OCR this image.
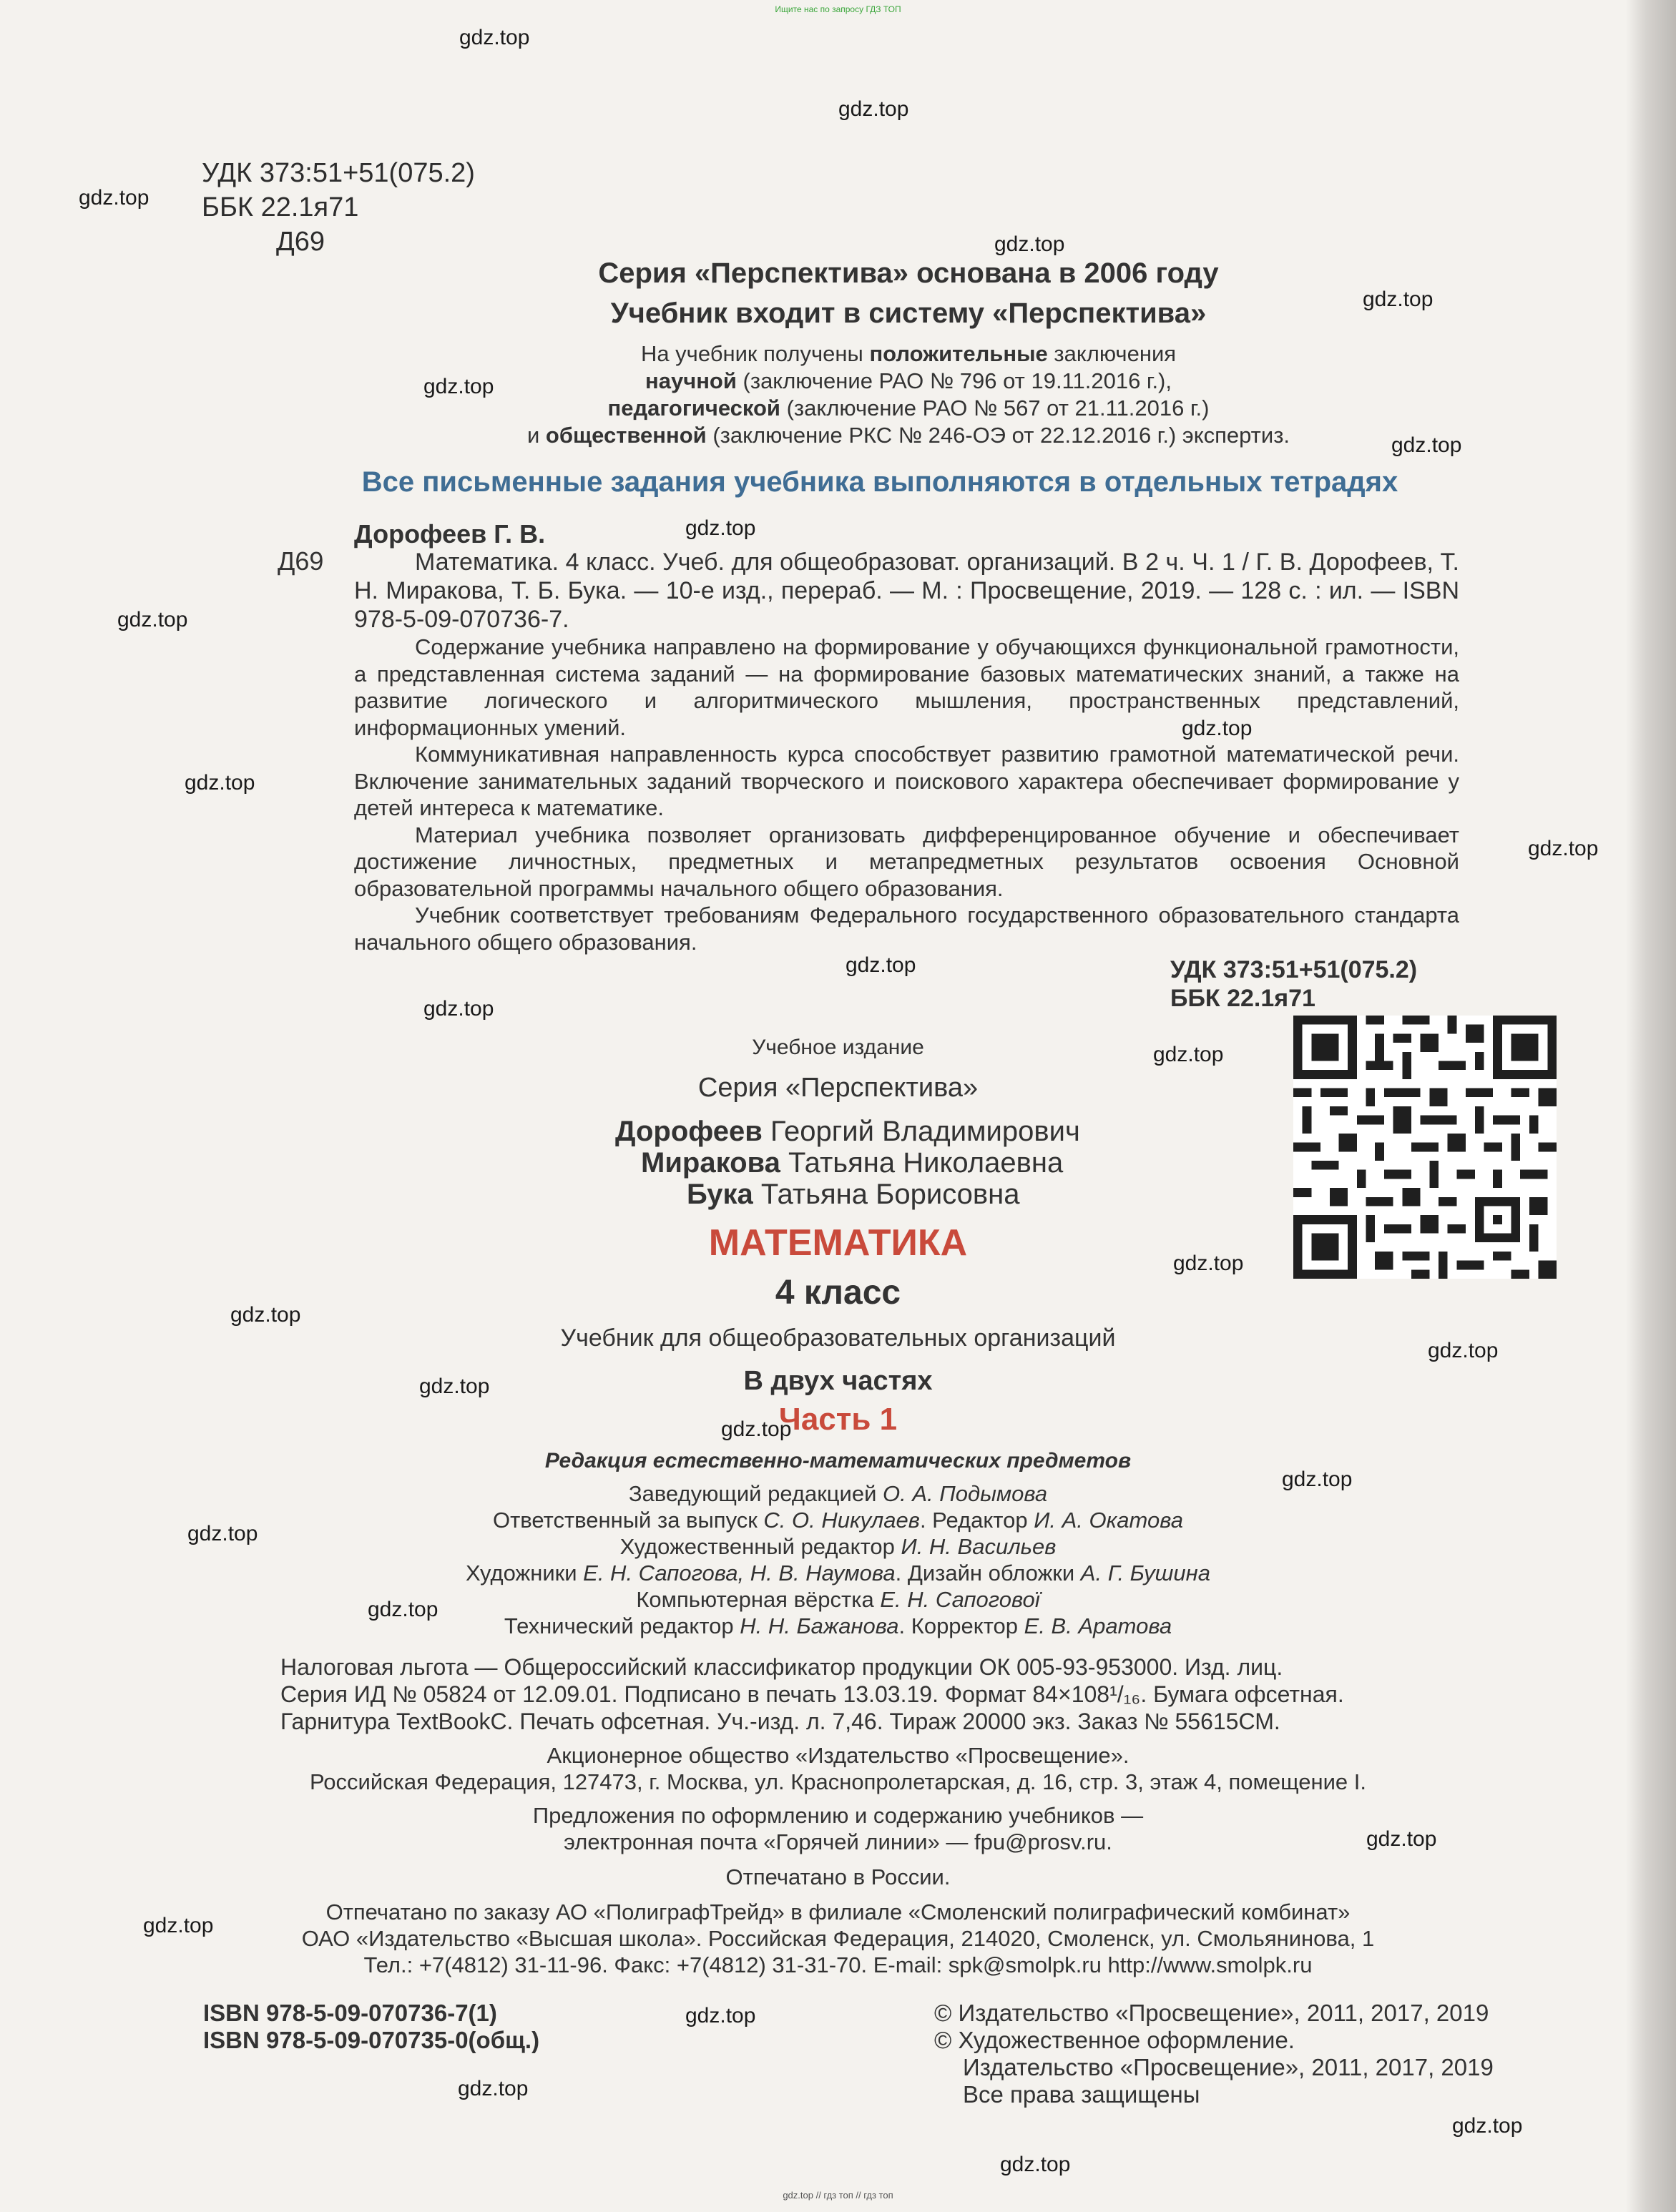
Ищите нас по запросу ГДЗ ТОП
gdz.top
gdz.top
gdz.top
gdz.top
gdz.top
gdz.top
gdz.top
gdz.top
gdz.top
gdz.top
gdz.top
gdz.top
gdz.top
gdz.top
gdz.top
gdz.top
gdz.top
gdz.top
gdz.top
gdz.top
gdz.top
gdz.top
gdz.top
gdz.top
gdz.top
gdz.top
gdz.top
gdz.top
gdz.top
УДК 373:51+51(075.2)
ББК 22.1я71
Д69
Серия «Перспектива» основана в 2006 году
Учебник входит в систему «Перспектива»
На учебник получены положительные заключения
научной (заключение РАО № 796 от 19.11.2016 г.),
педагогической (заключение РАО № 567 от 21.11.2016 г.)
и общественной (заключение РКС № 246-ОЭ от 22.12.2016 г.) экспертиз.
Все письменные задания учебника выполняются в отдельных тетрадях
Дорофеев Г. В.
Д69	Математика. 4 класс. Учеб. для общеобразоват. организаций. В 2 ч. Ч. 1 / Г. В. Дорофеев, Т. Н. Миракова, Т. Б. Бука. — 10-е изд., перераб. — М. : Просвещение, 2019. — 128 с. : ил. — ISBN 978-5-09-070736-7.

Содержание учебника направлено на формирование у обучающихся функциональной грамотности, а представленная система заданий — на формирование базовых математических знаний, а также на развитие логического и алгоритмического мышления, пространственных представлений, информационных умений.

Коммуникативная направленность курса способствует развитию грамотной математической речи. Включение занимательных заданий творческого и поискового характера обеспечивает формирование у детей интереса к математике.

Материал учебника позволяет организовать дифференцированное обучение и обеспечивает достижение личностных, предметных и метапредметных результатов освоения Основной образовательной программы начального общего образования.

Учебник соответствует требованиям Федерального государственного образовательного стандарта начального общего образования.

УДК 373:51+51(075.2)
ББК 22.1я71
Учебное издание
Серия «Перспектива»
Дорофеев Георгий Владимирович
Миракова Татьяна Николаевна
Бука Татьяна Борисовна
МАТЕМАТИКА
4 класс
Учебник для общеобразовательных организаций
В двух частях
Часть 1
Редакция естественно-математических предметов
Заведующий редакцией О. А. Подымова
Ответственный за выпуск С. О. Никулаев. Редактор И. А. Окатова
Художественный редактор И. Н. Васильев
Художники Е. Н. Сапогова, Н. В. Наумова. Дизайн обложки А. Г. Бушина
Компьютерная вёрстка Е. Н. Сапогової
Технический редактор Н. Н. Бажанова. Корректор Е. В. Аратова
Налоговая льгота — Общероссийский классификатор продукции ОК 005-93-953000. Изд. лиц.
Серия ИД № 05824 от 12.09.01. Подписано в печать 13.03.19. Формат 84×108¹/₁₆. Бумага офсетная.
Гарнитура TextBookC. Печать офсетная. Уч.-изд. л. 7,46. Тираж 20000 экз. Заказ № 55615СМ.
Акционерное общество «Издательство «Просвещение».
Российская Федерация, 127473, г. Москва, ул. Краснопролетарская, д. 16, стр. 3, этаж 4, помещение I.
Предложения по оформлению и содержанию учебников —
электронная почта «Горячей линии» — fpu@prosv.ru.
Отпечатано в России.
Отпечатано по заказу АО «ПолиграфТрейд» в филиале «Смоленский полиграфический комбинат»
ОАО «Издательство «Высшая школа». Российская Федерация, 214020, Смоленск, ул. Смольянинова, 1
Тел.: +7(4812) 31-11-96. Факс: +7(4812) 31-31-70. E-mail: spk@smolpk.ru http://www.smolpk.ru
ISBN 978-5-09-070736-7(1)
ISBN 978-5-09-070735-0(общ.)
© Издательство «Просвещение», 2011, 2017, 2019
© Художественное оформление.
Издательство «Просвещение», 2011, 2017, 2019
Все права защищены
gdz.top // гдз топ // гдз топ
